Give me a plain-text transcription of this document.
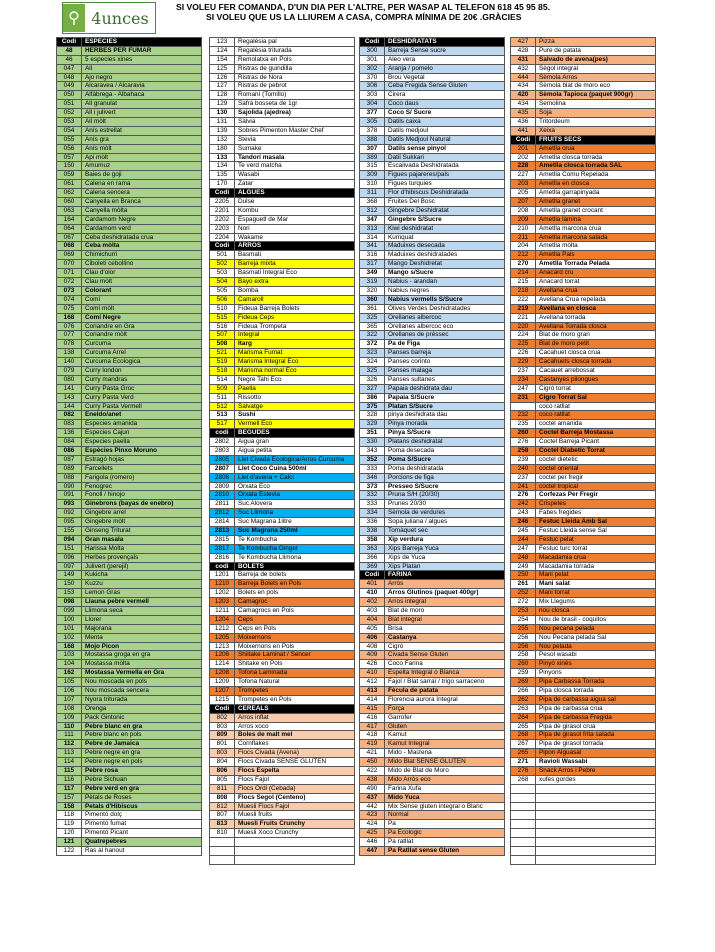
⚲ 4unces
SI VOLEU FER COMANDA, D'UN DIA PER L'ALTRE, PER WASAP AL TELEFON 618 45 95 85.
SI VOLEU QUE US LA LLIUREM A CASA, COMPRA MÍNIMA DE 20€ .GRÀCIES
Codi	ESPECIES
48	HERBES PER FUMAR
46	5 especies xines
047	All
048	Ajo negro
049	Alcaravea / Alcaravia
050	Alfàbrega - Albahaca
051	All granulat
052	All i julivert
053	All mòlt
054	Anís estrellat
055	Anís gra
056	Anís mòlt
057	Api mòlt
150	Amumuz
059	Baies de goji
061	Calena en rama
062	Calena sencera
060	Canyella en Branca
063	Canyella mòlta
164	Cardamom Negre
064	Cardamom verd
067	Ceba deshidratada crua
068	Ceba mòlta
069	Chimichurri
070	Ciboleti cebollino
071	Clau d'olor
072	Clau mòlt
073	Colorant
074	Comí
075	Comí mòlt
168	Comí Negre
076	Coriandre en Gra
077	Coriandre mòlt
078	Curcuma
138	Curcuma Arrel
140	Curcuma Ecologica
079	Curry london
080	Curry mandras
141	Curry Pasta Groc
143	Curry Pasta Verd
144	Curry Pasta Vermell
082	Eneldo/anet
083	Especies amanida
136	Especies Cajun
084	Especies paella
086	Espècies Pinxo Moruno
087	Estragó hojas
089	Farcellets
088	Farigola (romero)
090	Fenogrec
091	Fonoll / hinojo
093	Ginebrons (bayas de enebro)
092	Gingebre arrel
095	Gingebre mòlt
155	Ginseng Triturat
094	Gran masala
151	Harissa Molta
096	Herbes provençals
097	Julivert (perejil)
149	Kukicha
150	Kuzzu
153	Lemon Gras
098	Llauna pebre vermell
099	Llimona seca
100	Llorer
101	Majorana
102	Menta
168	Mojo Picon
103	Mostassa groga en gra
104	Mostassa mòlta
162	Mostassa Vermella en Gra
105	Nou moscada en pols
106	Nou moscada sencera
107	Nyora triturada
108	Orenga
109	Pack Gintonic
110	Pebre blanc en gra
111	Pebre blanc en pols
112	Pebre de Jamaica
113	Pebre negre en gra
114	Pebre negre en pols
115	Pebre rosa
116	Pebre Sichuan
117	Pebre verd en gra
157	Pètals de Roses
158	Petals d'Hibiscus
118	Pimentó dolç
119	Pimentó fumat
120	Pimentó Picant
121	Quatrepebres
122	Ras al hanout
123	Regalèsia pal
124	Regalèsia triturada
154	Remolatxa en Pols
125	Ristras de guindilla
126	Ristras de Ñora
127	Ristras de pebrot
128	Romaní (Tomillo)
129	Safrà bosseta de 1gr
130	Sajolida (ajedrea)
131	Sàlvia
139	Sobres Pimenton Master Chef
132	Stevia
180	Sumake
133	Tandori masala
134	Te verd matcha
135	Wasabi
170	Zatar
Codi	ALGUES
2205	Dulse
2201	Kombu
2202	Espaguetl de Mar
2203	Nori
2204	Wakame
Codi	ARROS
501	Basmati
502	Barreja mixta
503	Basmati Integral Eco
504	Bayo extra
505	Bomba
506	Camaroll
510	Fideua Barreja Bolets
515	Fideua Ceps
516	Fideua Trompeta
507	Integral
508	Itarg
521	Marisma Fumat
519	Marisma Integral Eco
518	Marisma normal Eco
514	Negre Tahi Eco
509	Paella
511	Rissotto
512	Salvatge
513	Sushi
517	Vermell Eco
codi	BEGUDES
2802	Aigua gran
2803	Aigua petita
2805	Llet Civada Ecologica/Arros Curcuma
2807	Llet Coco Cuina 500ml
2808	Llet d'avena + Calci
2809	Orxata Eco
2810	Orxata Estevia
2811	Suc Alovera
2812	Suc Llimona
2814	Suc Magrana 1litre
2813	Suc Magrana 250ml
2815	Te Kombucha
2817	Te Kombucha Ginger
2816	Te Kombucha Llimona
codi	BOLETS
1201	Barreja de bolets
1210	Barreja Bolets en Pols
1202	Bolets en pols
1203	Camagroc
1211	Camagrocs en Pols
1204	Ceps
1212	Ceps en Pols
1205	Moixernons
1213	Moixernons en Pols
1206	Shiitake Laminat / Sencer
1214	Shitake en Pols
1208	Tofona Laminada
1209	Tofona Natural
1207	Trompetes
1215	Trompetes en Pols
Codi	CEREALS
802	Arros inflat
803	Arros xoco
809	Boles de malt mel
801	Cornflakes
803	Flocs Civada (Avena)
804	Flocs Civada SENSE GLUTEN
806	Flocs Espelta
805	Flocs Fajol
811	Flocs Ordi (Cebada)
808	Flocs Segol (Centeno)
812	Muesli Flocs Fajol
807	Muesli fruits
813	Muesli Fruits Crunchy
810	Muesli Xoco Crunchy
Codi	DESHIDRATATS
300	Barreja Sense sucre
301	Aleo vera
302	Aranja / pomelo
370	Brou Vegetal
306	Ceba Fregida Sense Gluten
303	Cirera
304	Coco daus
377	Coco S/ Sucre
305	Datils caixa
378	Datils medjoul
388	Datils Medjoul Natural
307	Datils sense pinyol
389	Datil Sukkari
315	Escalivada Deshidratada
309	Figues pajareres/pals
310	Figues turquies
311	Flor d'hibiscus Deshidratada
368	Fruites Del Bosc
312	Gingebre Deshidratat
347	Gingebre S/Sucre
313	Kiwi deshidratat
314	Kumquat
341	Maduixes desecada
316	Maduixes deshidratades
317	Mango Deshidretat
349	Mango s/Sucre
319	Nabius - arandan
320	Nabius negres
360	Nabius vermells S/Sucre
361	Olives Verdes Deshidratades
325	Orellanes albercoc
365	Orellanes albercoc eco
322	Orellanes de préssec
372	Pa de Figa
323	Panses barreja
324	Panses corinto
325	Panses malaga
326	Panses sultanes
327	Papaia deshidrata dau
386	Papaia S/Sucre
375	Platan S/Sucre
328	pinya deshidrata dau
329	Pinya morada
351	Pinya S/Sucre
330	Platans deshidratat
343	Poma desecada
352	Poma S/Sucre
333	Poma deshidratada
346	Porcions de figa
373	Presseo S/Sucre
332	Pruna S/H (20/30)
333	Prunes 20/30
334	Sèmola de verdures
336	Sopa juliana / algues
338	Tomàquet sec
358	Xip verdura
363	Xips Barreja Yuca
366	Xips de Yuca
369	Xips Platan
Codi	FARINA
401	Arròs
410	Arros Glutinos (paquet 400gr)
402	Arros integral
403	Blat de moro
404	Blat integral
405	Brisa
406	Castanya
408	Cigró
409	Civada Sense Gluten
426	Coco Farina
410	Espelta Integral o Blanca
412	Fajol / Blat sarraï / trigo sarraceno
413	Fècula de patata
414	Florencia aurora Integral
415	Força
416	Garrofer
417	Gluten
418	Kamut
419	Kamut Integral
421	Mido - Maizena
450	Mido Blat SENSE GLUTEN
422	Mido de Blat de Moro
438	Mido Arròs eco
490	Farina Xufa
437	Mido Yuca
442	Mix Sense gluten integral o Blanc
423	Normal
424	Pa
425	Pa Ecologic
446	Pa ratllat
447	Pa Ratllat sense Gluten
427	Pizza
428	Pure de patata
431	Salvado de avena(pes)
432	Sègol integral
444	Sèmola Arros
434	Sèmola blat de moro eco
420	Sèmola Tapioca (paquet 900gr)
434	Semolina
435	Soja
436	Tritordeum
441	Xeixa
Codi	FRUITS SECS
201	Ametlla crua
202	Ametlla closca torrada
228	Ametlla closca torrada SAL
227	Ametlla Comu Repelada
203	Ametlla en closca
205	Ametlla garrapinyada
207	Ametlla granet
208	Ametlla granet crocant
209	Ametlla làmina
210	Ametlla marcona crua
211	Ametlla marcona salada
204	Ametlla mòlta
212	Ametlla Pals
270	Ametlla Torrada Pelada
214	Anacard cru
215	Anacard torrat
218	Avellana crua
222	Avellana Crua repelada
219	Avellana en closca
221	Avellana torrada
220	Avellana Torrada closca
224	Blat de moro gran
225	Blat de moro petit
226	Cacahuet closca crua
229	Cacahuets closca torrada
237	Cacauet arrebossat
234	Castanyes pilongues
247	Cigró torrat
231	Cigro Torrat Sal
coco ratllat
232	coco ratllat
235	coctel amanida
260	Coctel Barreja Mostassa
276	Coctel Barreja Picant
258	Coctel Diabetic Torrat
239	coctel dietetic
240	coctel oriental
237	coctel per fregir
241	coctel tropical
276	Corfezas Per Fregir
242	Crispetes
243	Fabes fregides
246	Festuc Lleida Amb Sal
245	Festuc Lleida sense Sal
244	Festuc pelat
247	Festuc turc torrat
248	Macadamia crua
249	Macadamia torrada
250	Mani pelat
261	Mani salat
252	Mani torrat
272	Mix Llegums
253	nou closca
254	Nou de brasil - coquitos
255	Nou pecana pelada
256	Nou Pecana pelada Sal
256	Nou pelada
258	Pesol wasabi
260	Pinyó xinès
259	Pinyons
269	Pipa Carbassa Torrada
266	Pipa closca torrada
262	Pipa de carbassa aigua sal
263	Pipa de carbassa crua
264	Pipa de carbassa Fregida
265	Pipa de girasol crua
268	Pipa de girasol frita salada
267	Pipa de girasol torrada
265	Pipon Alguasal
271	Ravioli Wassabi
276	Snack Arros i Pebre
268	xufes gordes
